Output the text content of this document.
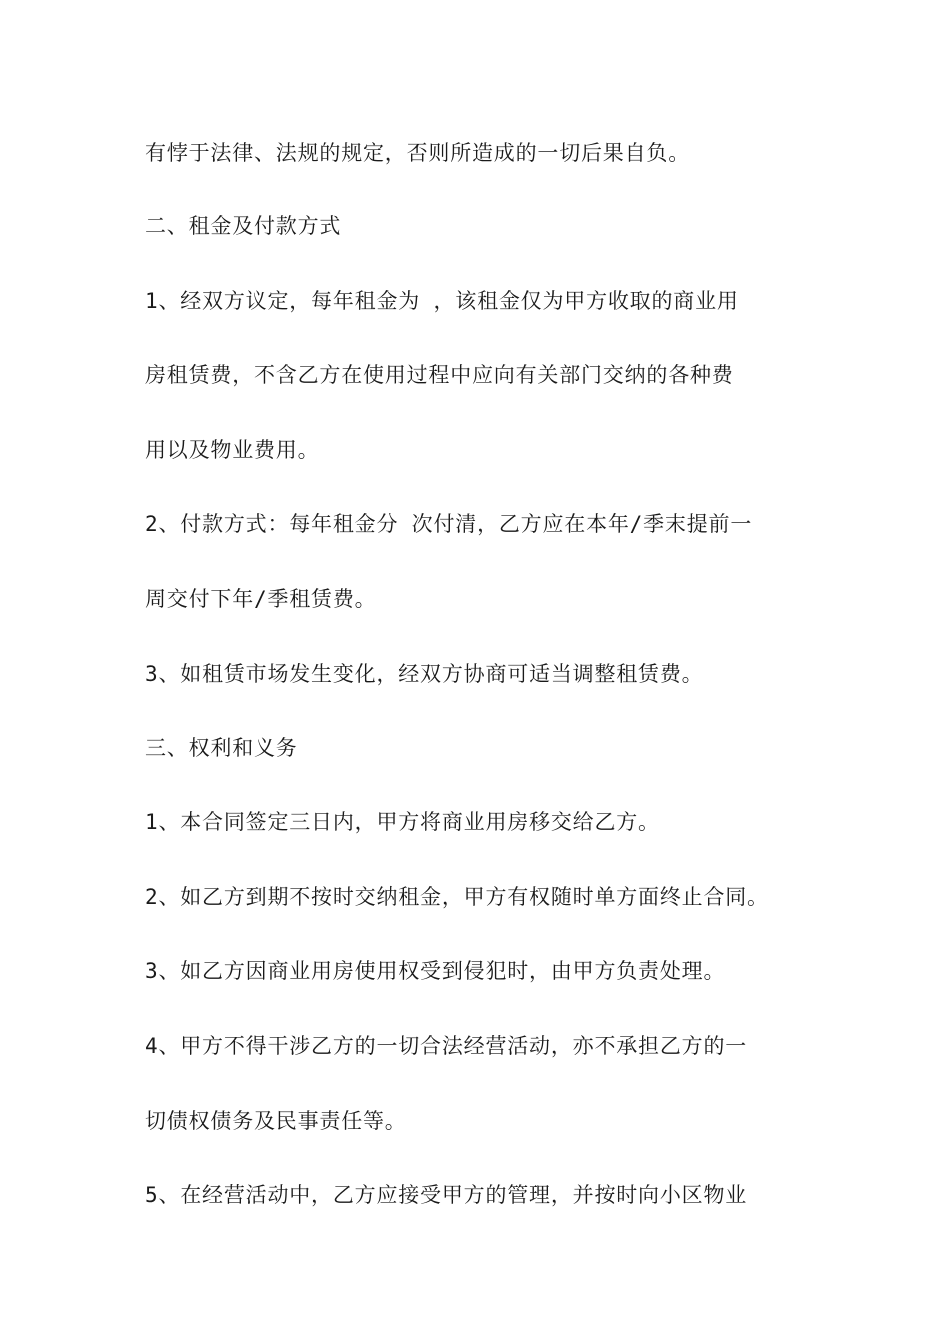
有悖于法律、法规的规定，否则所造成的一切后果自负。

二、租金及付款方式

1、经双方议定，每年租金为 ，该租金仅为甲方收取的商业用

房租赁费，不含乙方在使用过程中应向有关部门交纳的各种费

用以及物业费用。

2、付款方式：每年租金分 次付清，乙方应在本年/季末提前一

周交付下年/季租赁费。

3、如租赁市场发生变化，经双方协商可适当调整租赁费。

三、权利和义务

1、本合同签定三日内，甲方将商业用房移交给乙方。

2、如乙方到期不按时交纳租金，甲方有权随时单方面终止合同。

3、如乙方因商业用房使用权受到侵犯时，由甲方负责处理。

4、甲方不得干涉乙方的一切合法经营活动，亦不承担乙方的一

切债权债务及民事责任等。

5、在经营活动中，乙方应接受甲方的管理，并按时向小区物业
